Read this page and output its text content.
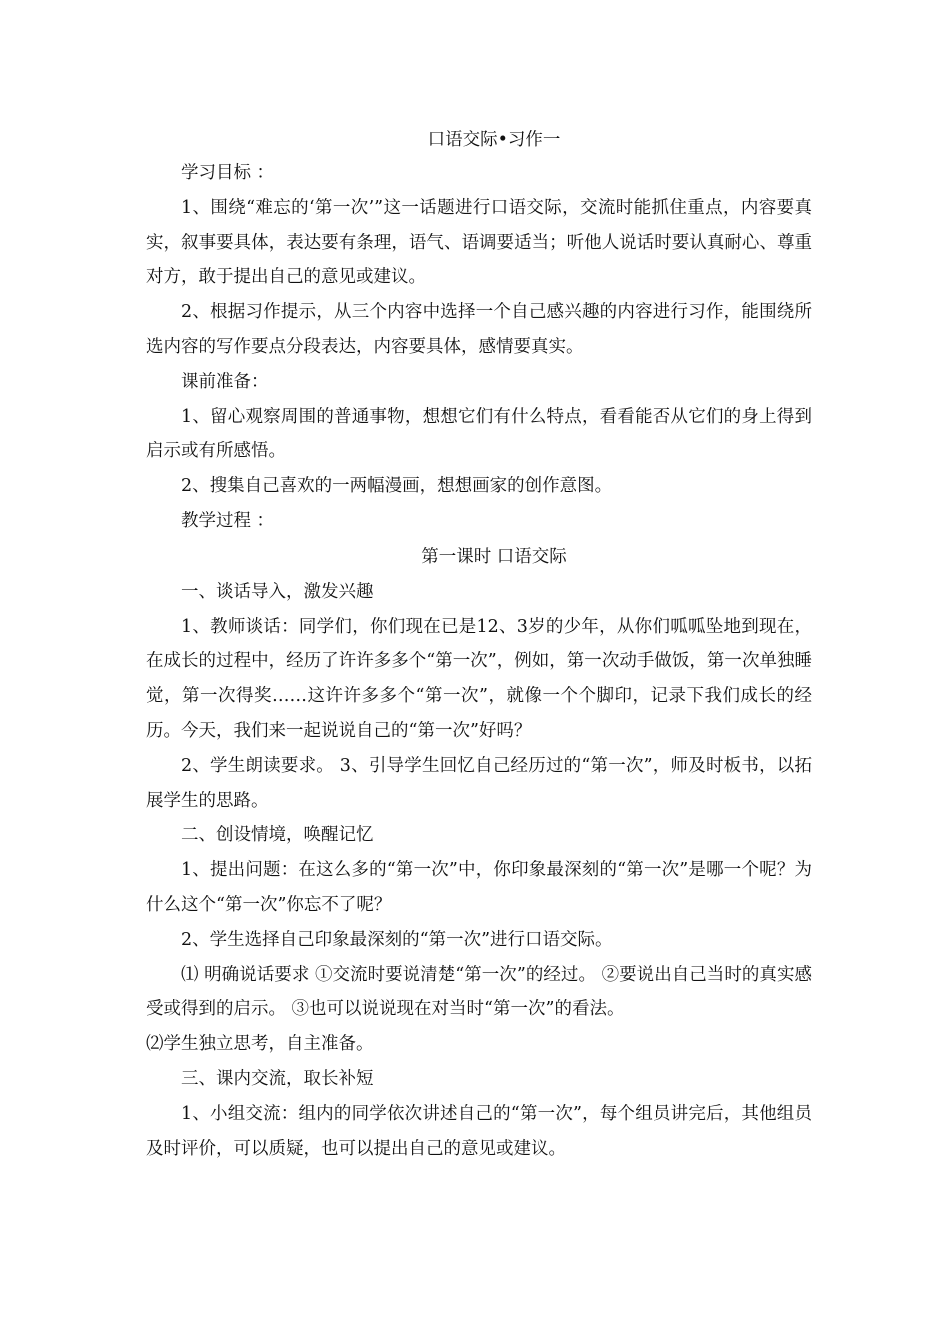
口语交际•习作一

学习目标 ：

1、围绕“难忘的‘第一次’”这一话题进行口语交际，交流时能抓住重点，内容要真实，叙事要具体，表达要有条理，语气、语调要适当；听他人说话时要认真耐心、尊重对方，敢于提出自己的意见或建议。

2、根据习作提示，从三个内容中选择一个自己感兴趣的内容进行习作，能围绕所选内容的写作要点分段表达，内容要具体，感情要真实。

课前准备：

1、留心观察周围的普通事物，想想它们有什么特点，看看能否从它们的身上得到启示或有所感悟。

2、搜集自己喜欢的一两幅漫画，想想画家的创作意图。

教学过程 ：

第一课时 口语交际

一、谈话导入，激发兴趣

1、教师谈话：同学们，你们现在已是12、3岁的少年，从你们呱呱坠地到现在，在成长的过程中，经历了许许多多个“第一次”，例如，第一次动手做饭，第一次单独睡觉，第一次得奖……这许许多多个“第一次”，就像一个个脚印，记录下我们成长的经历。今天，我们来一起说说自己的“第一次”好吗？

2、学生朗读要求。 3、引导学生回忆自己经历过的“第一次”，师及时板书，以拓展学生的思路。

二、创设情境，唤醒记忆

1、提出问题：在这么多的“第一次”中，你印象最深刻的“第一次”是哪一个呢？为什么这个“第一次”你忘不了呢？

2、学生选择自己印象最深刻的“第一次”进行口语交际。

⑴ 明确说话要求 ①交流时要说清楚“第一次”的经过。 ②要说出自己当时的真实感受或得到的启示。 ③也可以说说现在对当时“第一次”的看法。

⑵学生独立思考，自主准备。

三、课内交流，取长补短

1、小组交流：组内的同学依次讲述自己的“第一次”，每个组员讲完后，其他组员及时评价，可以质疑，也可以提出自己的意见或建议。
